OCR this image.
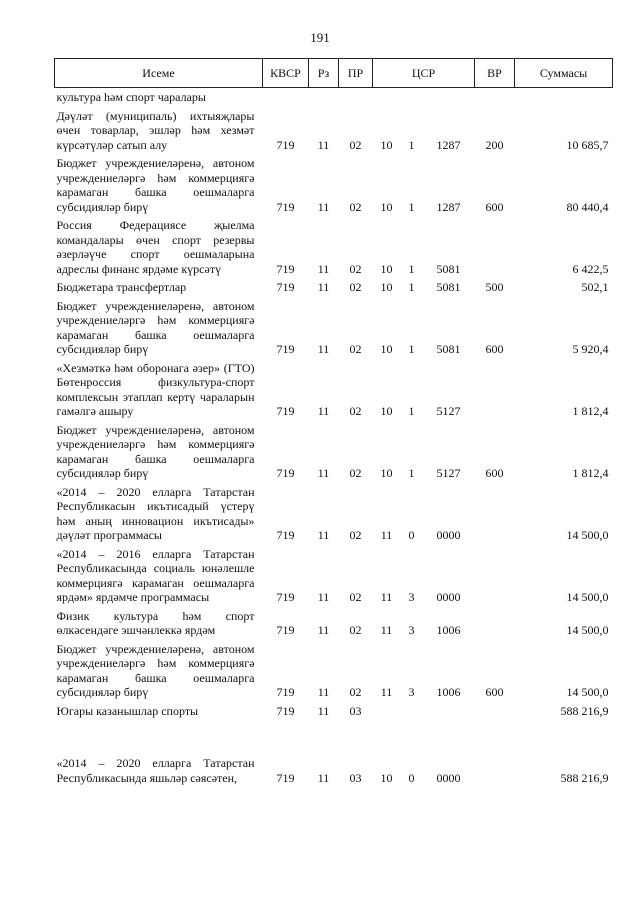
191
Исеме	КВСР	Рз	ПР	ЦСР			ВР	Суммасы
культура һәм спорт чаралары								
Дәүләт (муниципаль) ихтыяҗлары өчен товарлар, эшләр һәм хезмәт күрсәтүләр сатып алу	719	11	02	10	1	1287	200	10 685,7
Бюджет учреждениеләренә, автоном учреждениеләргә һәм коммерциягә карамаган башка оешмаларга субсидияләр бирү	719	11	02	10	1	1287	600	80 440,4
Россия Федерациясе җыелма командалары өчен спорт резервы әзерләүче спорт оешмаларына адреслы финанс ярдәме күрсәтү	719	11	02	10	1	5081		6 422,5
Бюджетара трансфертлар	719	11	02	10	1	5081	500	502,1
Бюджет учреждениеләренә, автоном учреждениеләргә һәм коммерциягә карамаган башка оешмаларга субсидияләр бирү	719	11	02	10	1	5081	600	5 920,4
«Хезмәткә һәм оборонага әзер» (ГТО) Бөтенроссия физкультура-спорт комплексын этаплап кертү чараларын гамәлгә ашыру	719	11	02	10	1	5127		1 812,4
Бюджет учреждениеләренә, автоном учреждениеләргә һәм коммерциягә карамаган башка оешмаларга субсидияләр бирү	719	11	02	10	1	5127	600	1 812,4
«2014 – 2020 елларга Татарстан Республикасын икътисадый үстерү һәм аның инновацион икътисады» дәүләт программасы	719	11	02	11	0	0000		14 500,0
«2014 – 2016 елларга Татарстан Республикасында социаль юнәлешле коммерциягә карамаган оешмаларга ярдәм» ярдәмче программасы	719	11	02	11	3	0000		14 500,0
Физик культура һәм спорт өлкәсендәге эшчәнлеккә ярдәм	719	11	02	11	3	1006		14 500,0
Бюджет учреждениеләренә, автоном учреждениеләргә һәм коммерциягә карамаган башка оешмаларга субсидияләр бирү	719	11	02	11	3	1006	600	14 500,0
Югары казанышлар спорты	719	11	03					588 216,9

«2014 – 2020 елларга Татарстан Республикасында яшьләр сәясәтен,	719	11	03	10	0	0000		588 216,9
